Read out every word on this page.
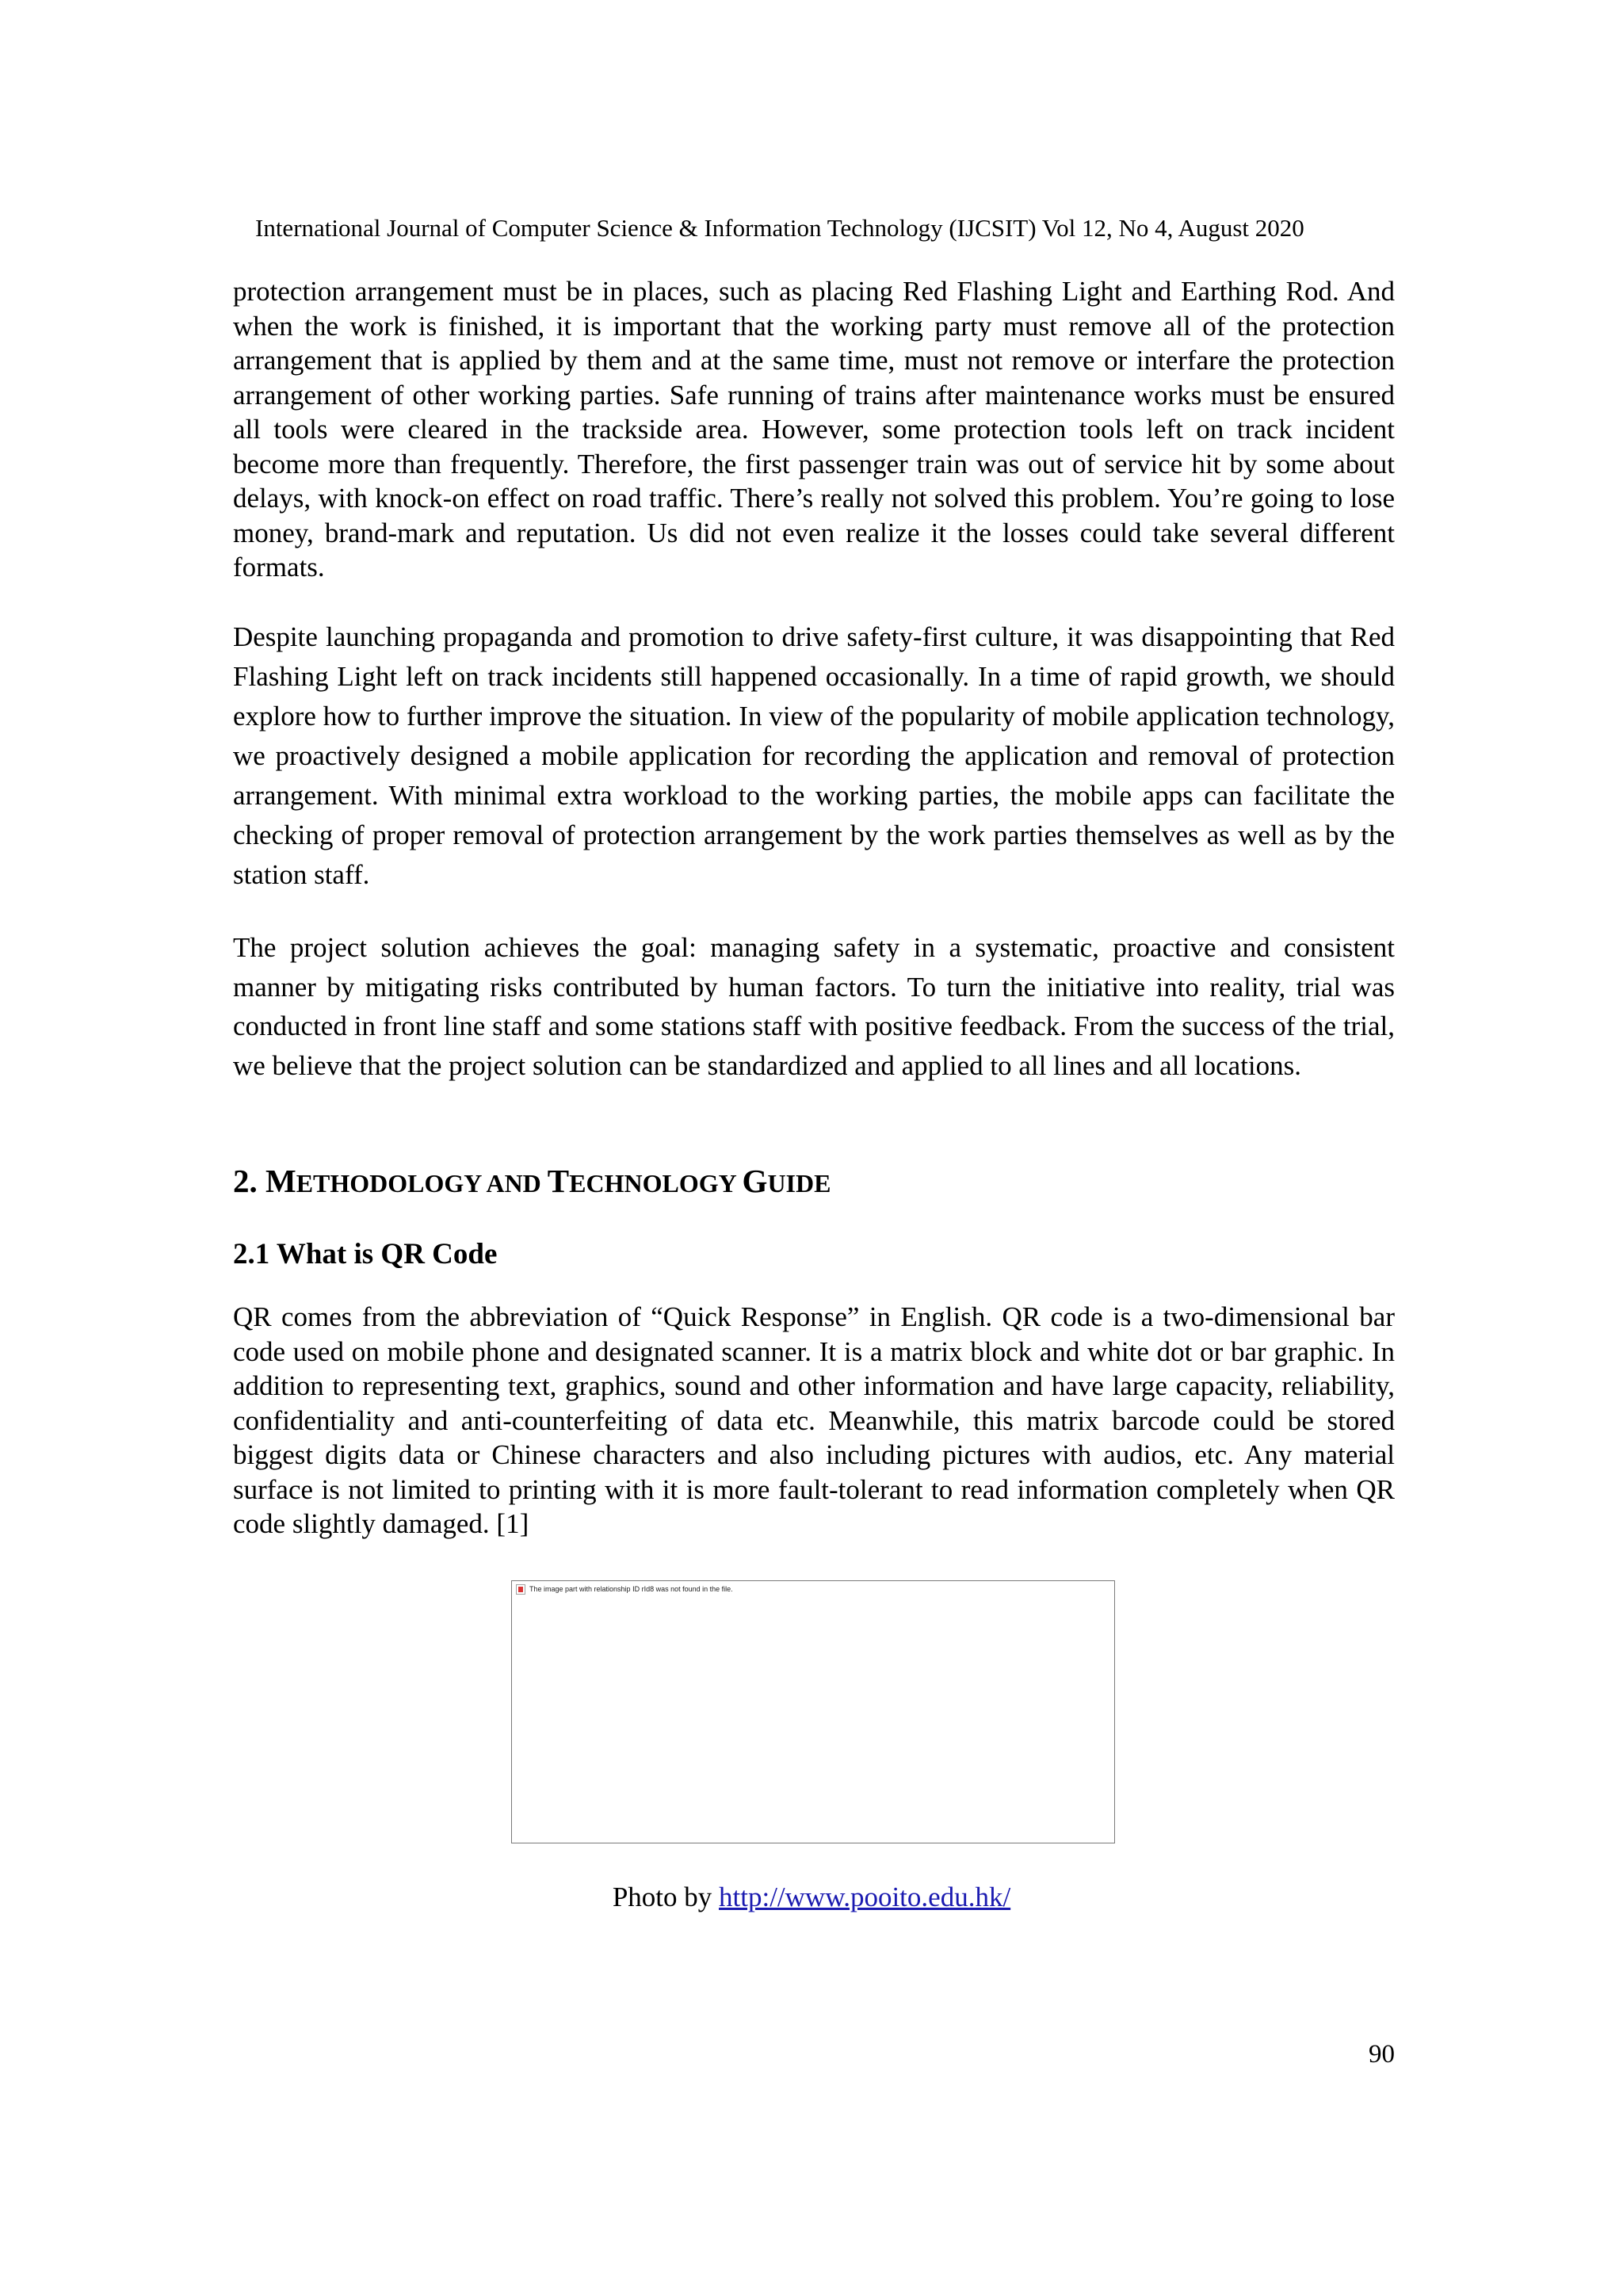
International Journal of Computer Science & Information Technology (IJCSIT) Vol 12, No 4, August 2020

protection arrangement must be in places, such as placing Red Flashing Light and Earthing Rod. And when the work is finished, it is important that the working party must remove all of the protection arrangement that is applied by them and at the same time, must not remove or interfare the protection arrangement of other working parties. Safe running of trains after maintenance works must be ensured all tools were cleared in the trackside area. However, some protection tools left on track incident become more than frequently. Therefore, the first passenger train was out of service hit by some about delays, with knock-on effect on road traffic. There’s really not solved this problem. You’re going to lose money, brand-mark and reputation. Us did not even realize it the losses could take several different formats.

Despite launching propaganda and promotion to drive safety-first culture, it was disappointing that Red Flashing Light left on track incidents still happened occasionally. In a time of rapid growth, we should explore how to further improve the situation. In view of the popularity of mobile application technology, we proactively designed a mobile application for recording the application and removal of protection arrangement. With minimal extra workload to the working parties, the mobile apps can facilitate the checking of proper removal of protection arrangement by the work parties themselves as well as by the station staff.

The project solution achieves the goal: managing safety in a systematic, proactive and consistent manner by mitigating risks contributed by human factors. To turn the initiative into reality, trial was conducted in front line staff and some stations staff with positive feedback. From the success of the trial, we believe that the project solution can be standardized and applied to all lines and all locations.

2. METHODOLOGY AND TECHNOLOGY GUIDE
2.1 What is QR Code

QR comes from the abbreviation of “Quick Response” in English. QR code is a two-dimensional bar code used on mobile phone and designated scanner. It is a matrix block and white dot or bar graphic. In addition to representing text, graphics, sound and other information and have large capacity, reliability, confidentiality and anti-counterfeiting of data etc. Meanwhile, this matrix barcode could be stored biggest digits data or Chinese characters and also including pictures with audios, etc. Any material surface is not limited to printing with it is more fault-tolerant to read information completely when QR code slightly damaged. [1]

The image part with relationship ID rId8 was not found in the file.

Photo by http://www.pooito.edu.hk/

90
